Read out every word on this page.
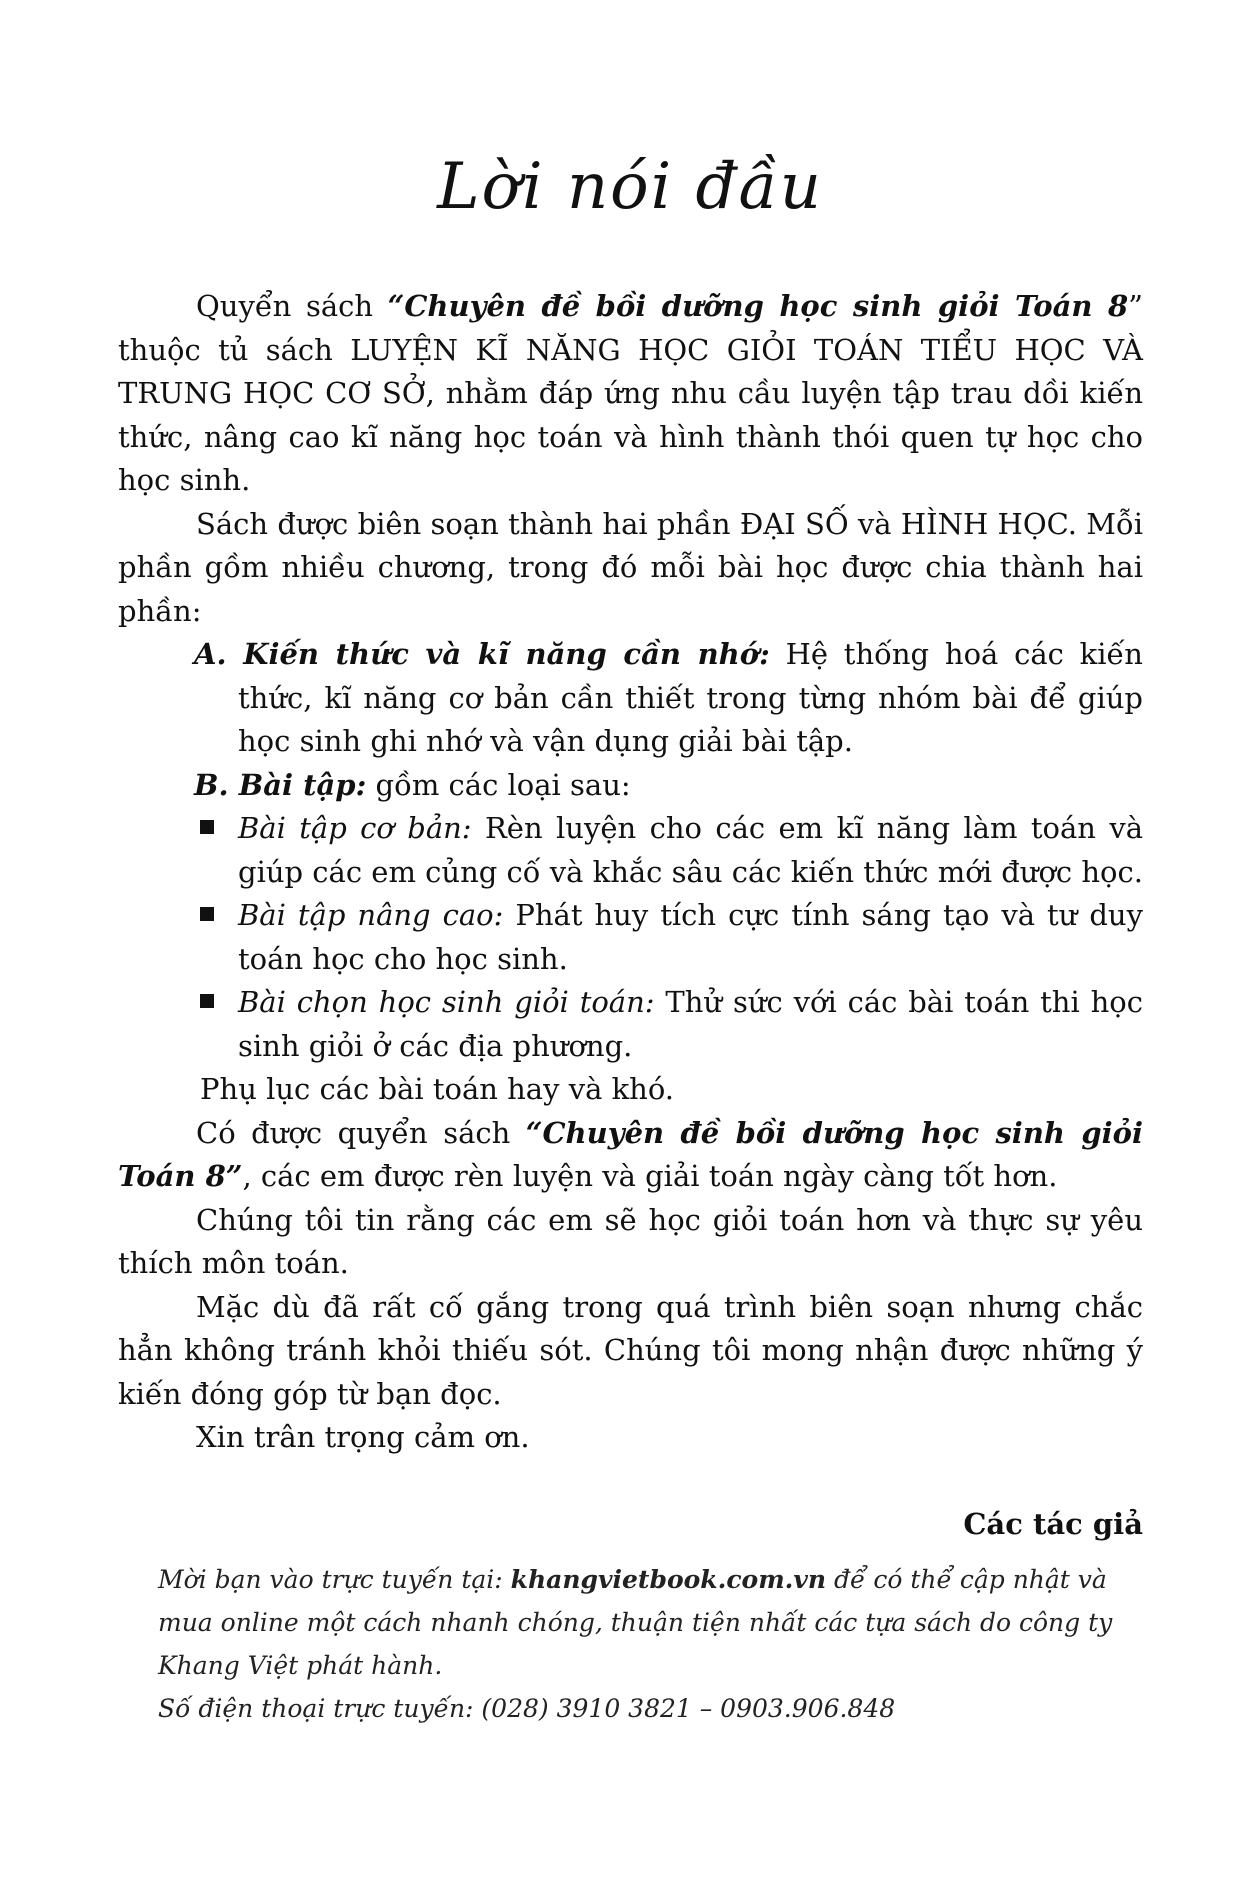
Lời nói đầu

Quyển sách “Chuyên đề bồi dưỡng học sinh giỏi Toán 8” thuộc tủ sách LUYỆN KĨ NĂNG HỌC GIỎI TOÁN TIỂU HỌC VÀ TRUNG HỌC CƠ SỞ, nhằm đáp ứng nhu cầu luyện tập trau dồi kiến thức, nâng cao kĩ năng học toán và hình thành thói quen tự học cho học sinh.

Sách được biên soạn thành hai phần ĐẠI SỐ và HÌNH HỌC. Mỗi phần gồm nhiều chương, trong đó mỗi bài học được chia thành hai phần:

A. Kiến thức và kĩ năng cần nhớ: Hệ thống hoá các kiến thức, kĩ năng cơ bản cần thiết trong từng nhóm bài để giúp học sinh ghi nhớ và vận dụng giải bài tập.

B. Bài tập: gồm các loại sau:

Bài tập cơ bản: Rèn luyện cho các em kĩ năng làm toán và giúp các em củng cố và khắc sâu các kiến thức mới được học.

Bài tập nâng cao: Phát huy tích cực tính sáng tạo và tư duy toán học cho học sinh.

Bài chọn học sinh giỏi toán: Thử sức với các bài toán thi học sinh giỏi ở các địa phương.

Phụ lục các bài toán hay và khó.

Có được quyển sách “Chuyên đề bồi dưỡng học sinh giỏi Toán 8”, các em được rèn luyện và giải toán ngày càng tốt hơn.

Chúng tôi tin rằng các em sẽ học giỏi toán hơn và thực sự yêu thích môn toán.

Mặc dù đã rất cố gắng trong quá trình biên soạn nhưng chắc hẳn không tránh khỏi thiếu sót. Chúng tôi mong nhận được những ý kiến đóng góp từ bạn đọc.

Xin trân trọng cảm ơn.

Các tác giả

Mời bạn vào trực tuyến tại: khangvietbook.com.vn để có thể cập nhật và mua online một cách nhanh chóng, thuận tiện nhất các tựa sách do công ty Khang Việt phát hành.

Số điện thoại trực tuyến: (028) 3910 3821 – 0903.906.848
